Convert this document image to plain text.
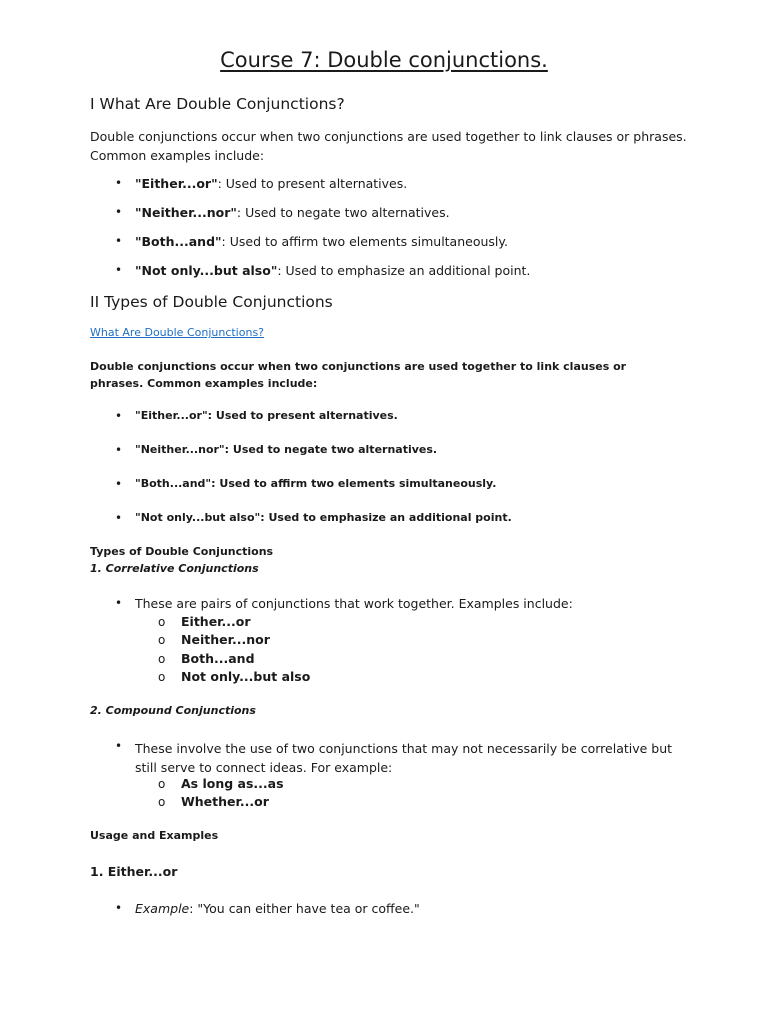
Course 7: Double conjunctions.
I What Are Double Conjunctions?
Double conjunctions occur when two conjunctions are used together to link clauses or phrases. Common examples include:
• "Either...or": Used to present alternatives.
• "Neither...nor": Used to negate two alternatives.
• "Both...and": Used to affirm two elements simultaneously.
• "Not only...but also": Used to emphasize an additional point.
II Types of Double Conjunctions
What Are Double Conjunctions?
Double conjunctions occur when two conjunctions are used together to link clauses or phrases. Common examples include:
• "Either...or": Used to present alternatives.
• "Neither...nor": Used to negate two alternatives.
• "Both...and": Used to affirm two elements simultaneously.
• "Not only...but also": Used to emphasize an additional point.
Types of Double Conjunctions
1. Correlative Conjunctions
• These are pairs of conjunctions that work together. Examples include:
o Either...or
o Neither...nor
o Both...and
o Not only...but also
2. Compound Conjunctions
• These involve the use of two conjunctions that may not necessarily be correlative but still serve to connect ideas. For example:
o As long as...as
o Whether...or
Usage and Examples
1. Either...or
• Example: "You can either have tea or coffee."
